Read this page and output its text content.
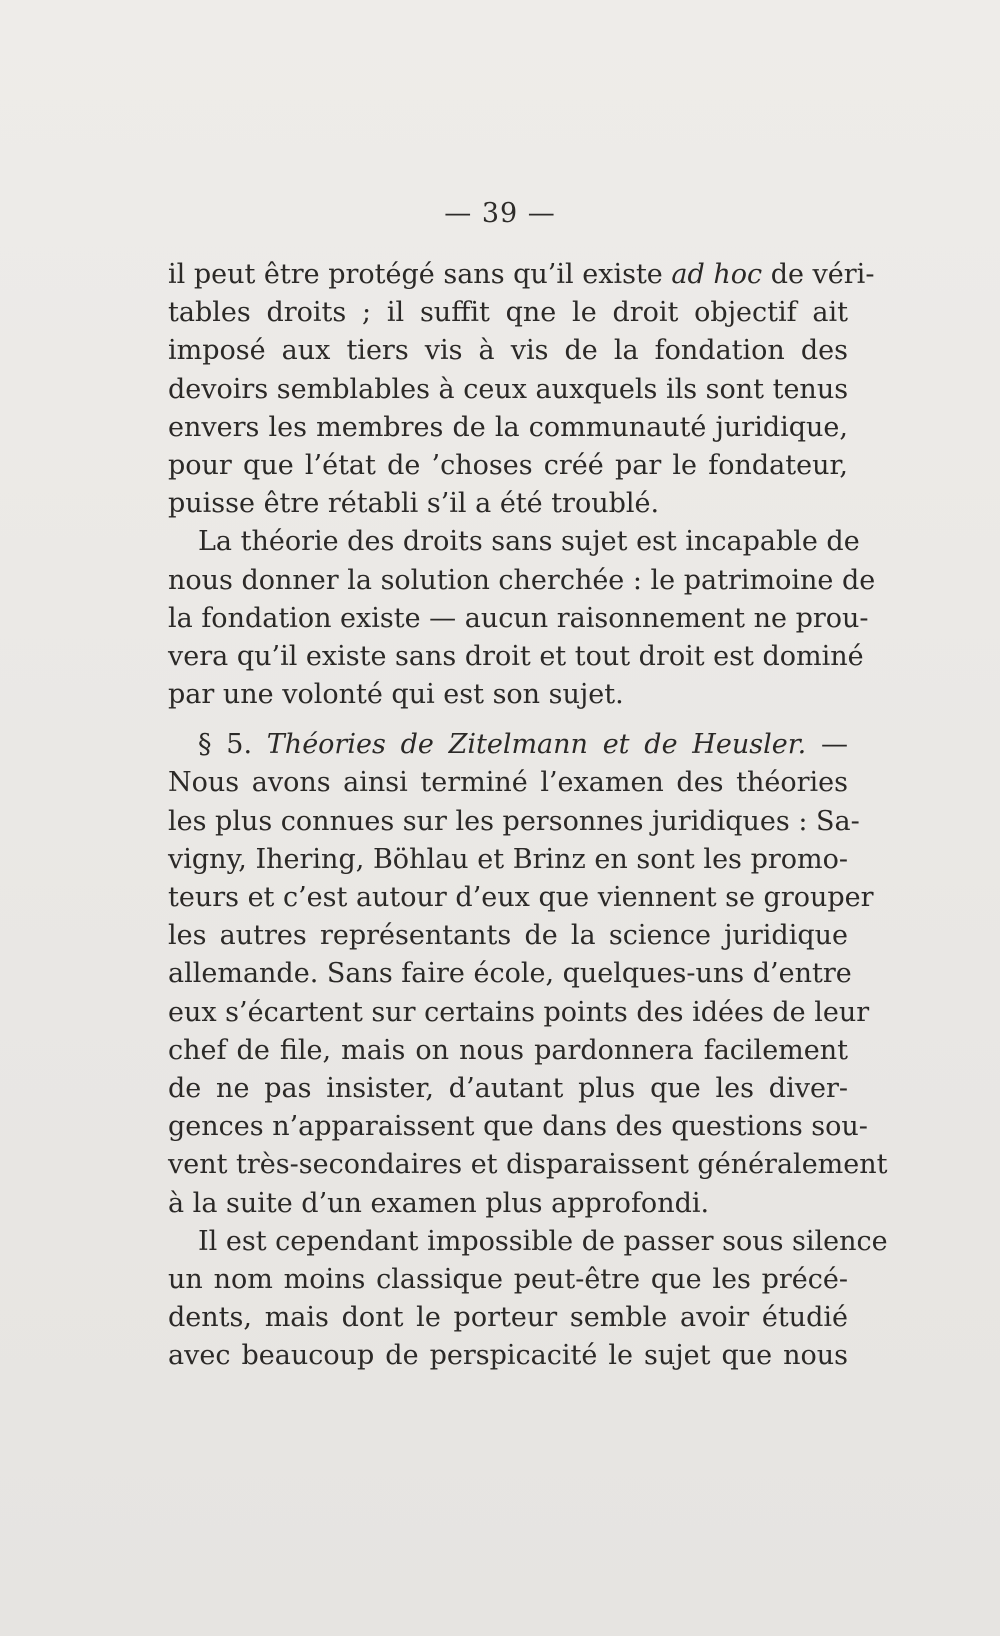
— 39 —
il peut être protégé sans qu’il existe ad hoc de véri-
tables droits ; il suffit qne le droit objectif ait
imposé aux tiers vis à vis de la fondation des
devoirs semblables à ceux auxquels ils sont tenus
envers les membres de la communauté juridique,
pour que l’état de ’choses créé par le fondateur,
puisse être rétabli s’il a été troublé.
La théorie des droits sans sujet est incapable de
nous donner la solution cherchée : le patrimoine de
la fondation existe — aucun raisonnement ne prou-
vera qu’il existe sans droit et tout droit est dominé
par une volonté qui est son sujet.
§ 5. Théories de Zitelmann et de Heusler. —
Nous avons ainsi terminé l’examen des théories
les plus connues sur les personnes juridiques : Sa-
vigny, Ihering, Böhlau et Brinz en sont les promo-
teurs et c’est autour d’eux que viennent se grouper
les autres représentants de la science juridique
allemande. Sans faire école, quelques-uns d’entre
eux s’écartent sur certains points des idées de leur
chef de file, mais on nous pardonnera facilement
de ne pas insister, d’autant plus que les diver-
gences n’apparaissent que dans des questions sou-
vent très-secondaires et disparaissent généralement
à la suite d’un examen plus approfondi.
Il est cependant impossible de passer sous silence
un nom moins classique peut-être que les précé-
dents, mais dont le porteur semble avoir étudié
avec beaucoup de perspicacité le sujet que nous
